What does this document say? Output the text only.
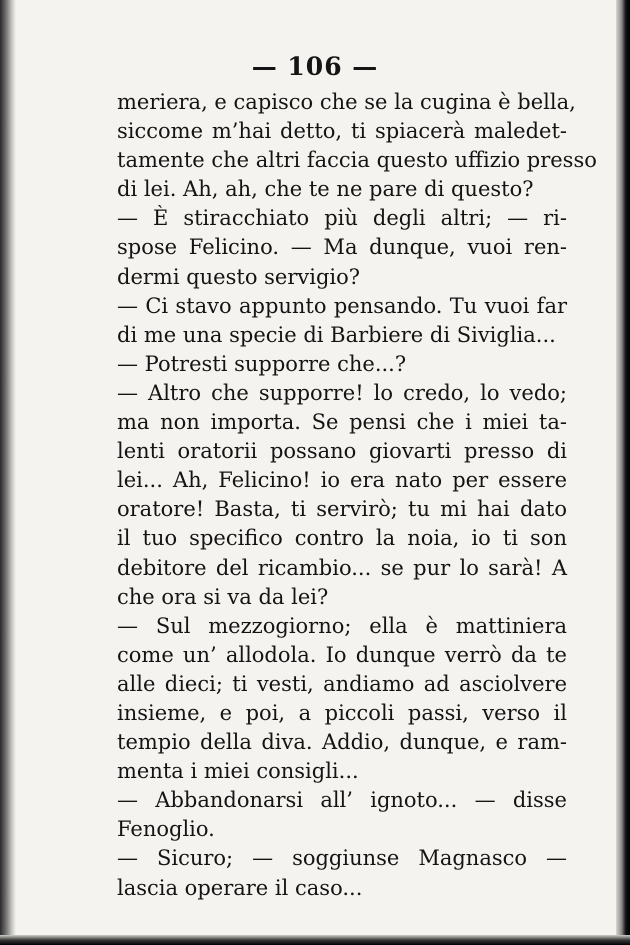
— 106 —
meriera, e capisco che se la cugina è bella,
siccome m’hai detto, ti spiacerà maledet-
tamente che altri faccia questo uffizio presso
di lei. Ah, ah, che te ne pare di questo?
— È stiracchiato più degli altri; — ri-
spose Felicino. — Ma dunque, vuoi ren-
dermi questo servigio?
— Ci stavo appunto pensando. Tu vuoi far
di me una specie di Barbiere di Siviglia...
— Potresti supporre che...?
— Altro che supporre! lo credo, lo vedo;
ma non importa. Se pensi che i miei ta-
lenti oratorii possano giovarti presso di
lei... Ah, Felicino! io era nato per essere
oratore! Basta, ti servirò; tu mi hai dato
il tuo specifico contro la noia, io ti son
debitore del ricambio... se pur lo sarà! A
che ora si va da lei?
— Sul mezzogiorno; ella è mattiniera
come un’ allodola. Io dunque verrò da te
alle dieci; ti vesti, andiamo ad asciolvere
insieme, e poi, a piccoli passi, verso il
tempio della diva. Addio, dunque, e ram-
menta i miei consigli...
— Abbandonarsi all’ ignoto... — disse
Fenoglio.
— Sicuro; — soggiunse Magnasco —
lascia operare il caso...
